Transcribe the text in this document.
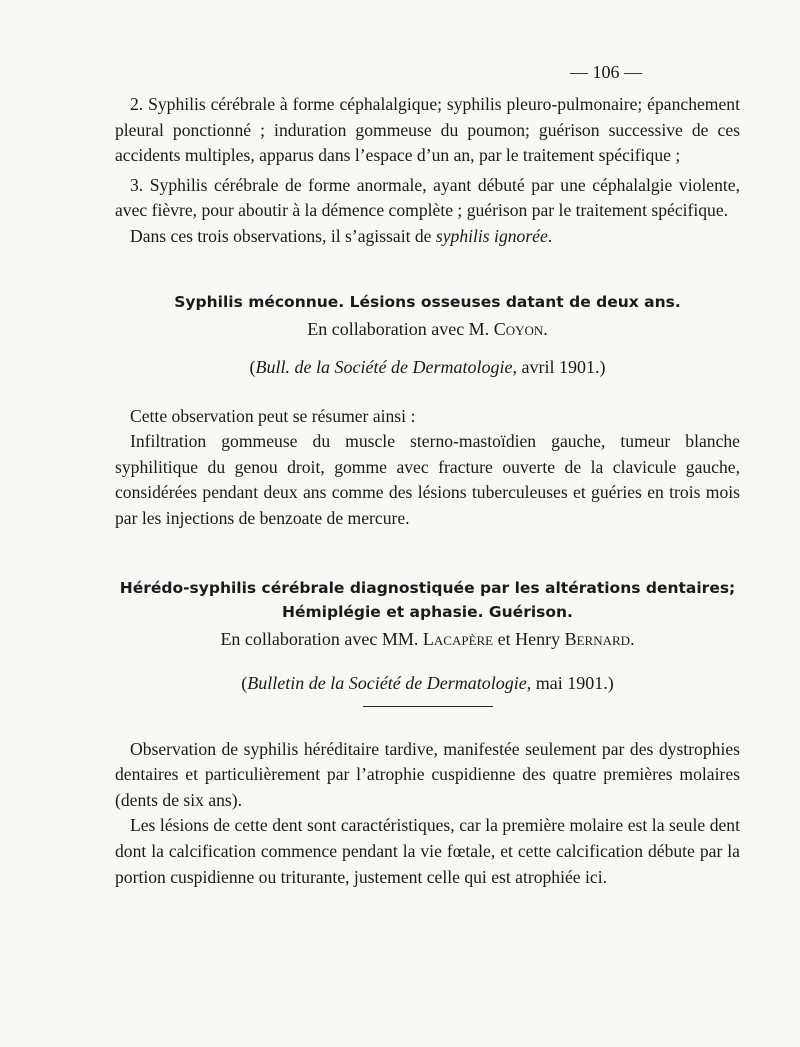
— 106 —

2. Syphilis cérébrale à forme céphalalgique; syphilis pleuro-pulmonaire; épanchement pleural ponctionné ; induration gommeuse du poumon; guérison successive de ces accidents multiples, apparus dans l’espace d’un an, par le traitement spécifique ;

3. Syphilis cérébrale de forme anormale, ayant débuté par une céphalalgie violente, avec fièvre, pour aboutir à la démence complète ; guérison par le traitement spécifique.

Dans ces trois observations, il s’agissait de syphilis ignorée.

Syphilis méconnue. Lésions osseuses datant de deux ans.
En collaboration avec M. Coyon.
(Bull. de la Société de Dermatologie, avril 1901.)

Cette observation peut se résumer ainsi :

Infiltration gommeuse du muscle sterno-mastoïdien gauche, tumeur blanche syphilitique du genou droit, gomme avec fracture ouverte de la clavicule gauche, considérées pendant deux ans comme des lésions tuberculeuses et guéries en trois mois par les injections de benzoate de mercure.

Hérédo-syphilis cérébrale diagnostiquée par les altérations dentaires;
Hémiplégie et aphasie. Guérison.
En collaboration avec MM. Lacapère et Henry Bernard.
(Bulletin de la Société de Dermatologie, mai 1901.)

Observation de syphilis héréditaire tardive, manifestée seulement par des dystrophies dentaires et particulièrement par l’atrophie cuspidienne des quatre premières molaires (dents de six ans).

Les lésions de cette dent sont caractéristiques, car la première molaire est la seule dent dont la calcification commence pendant la vie fœtale, et cette calcification débute par la portion cuspidienne ou triturante, justement celle qui est atrophiée ici.
